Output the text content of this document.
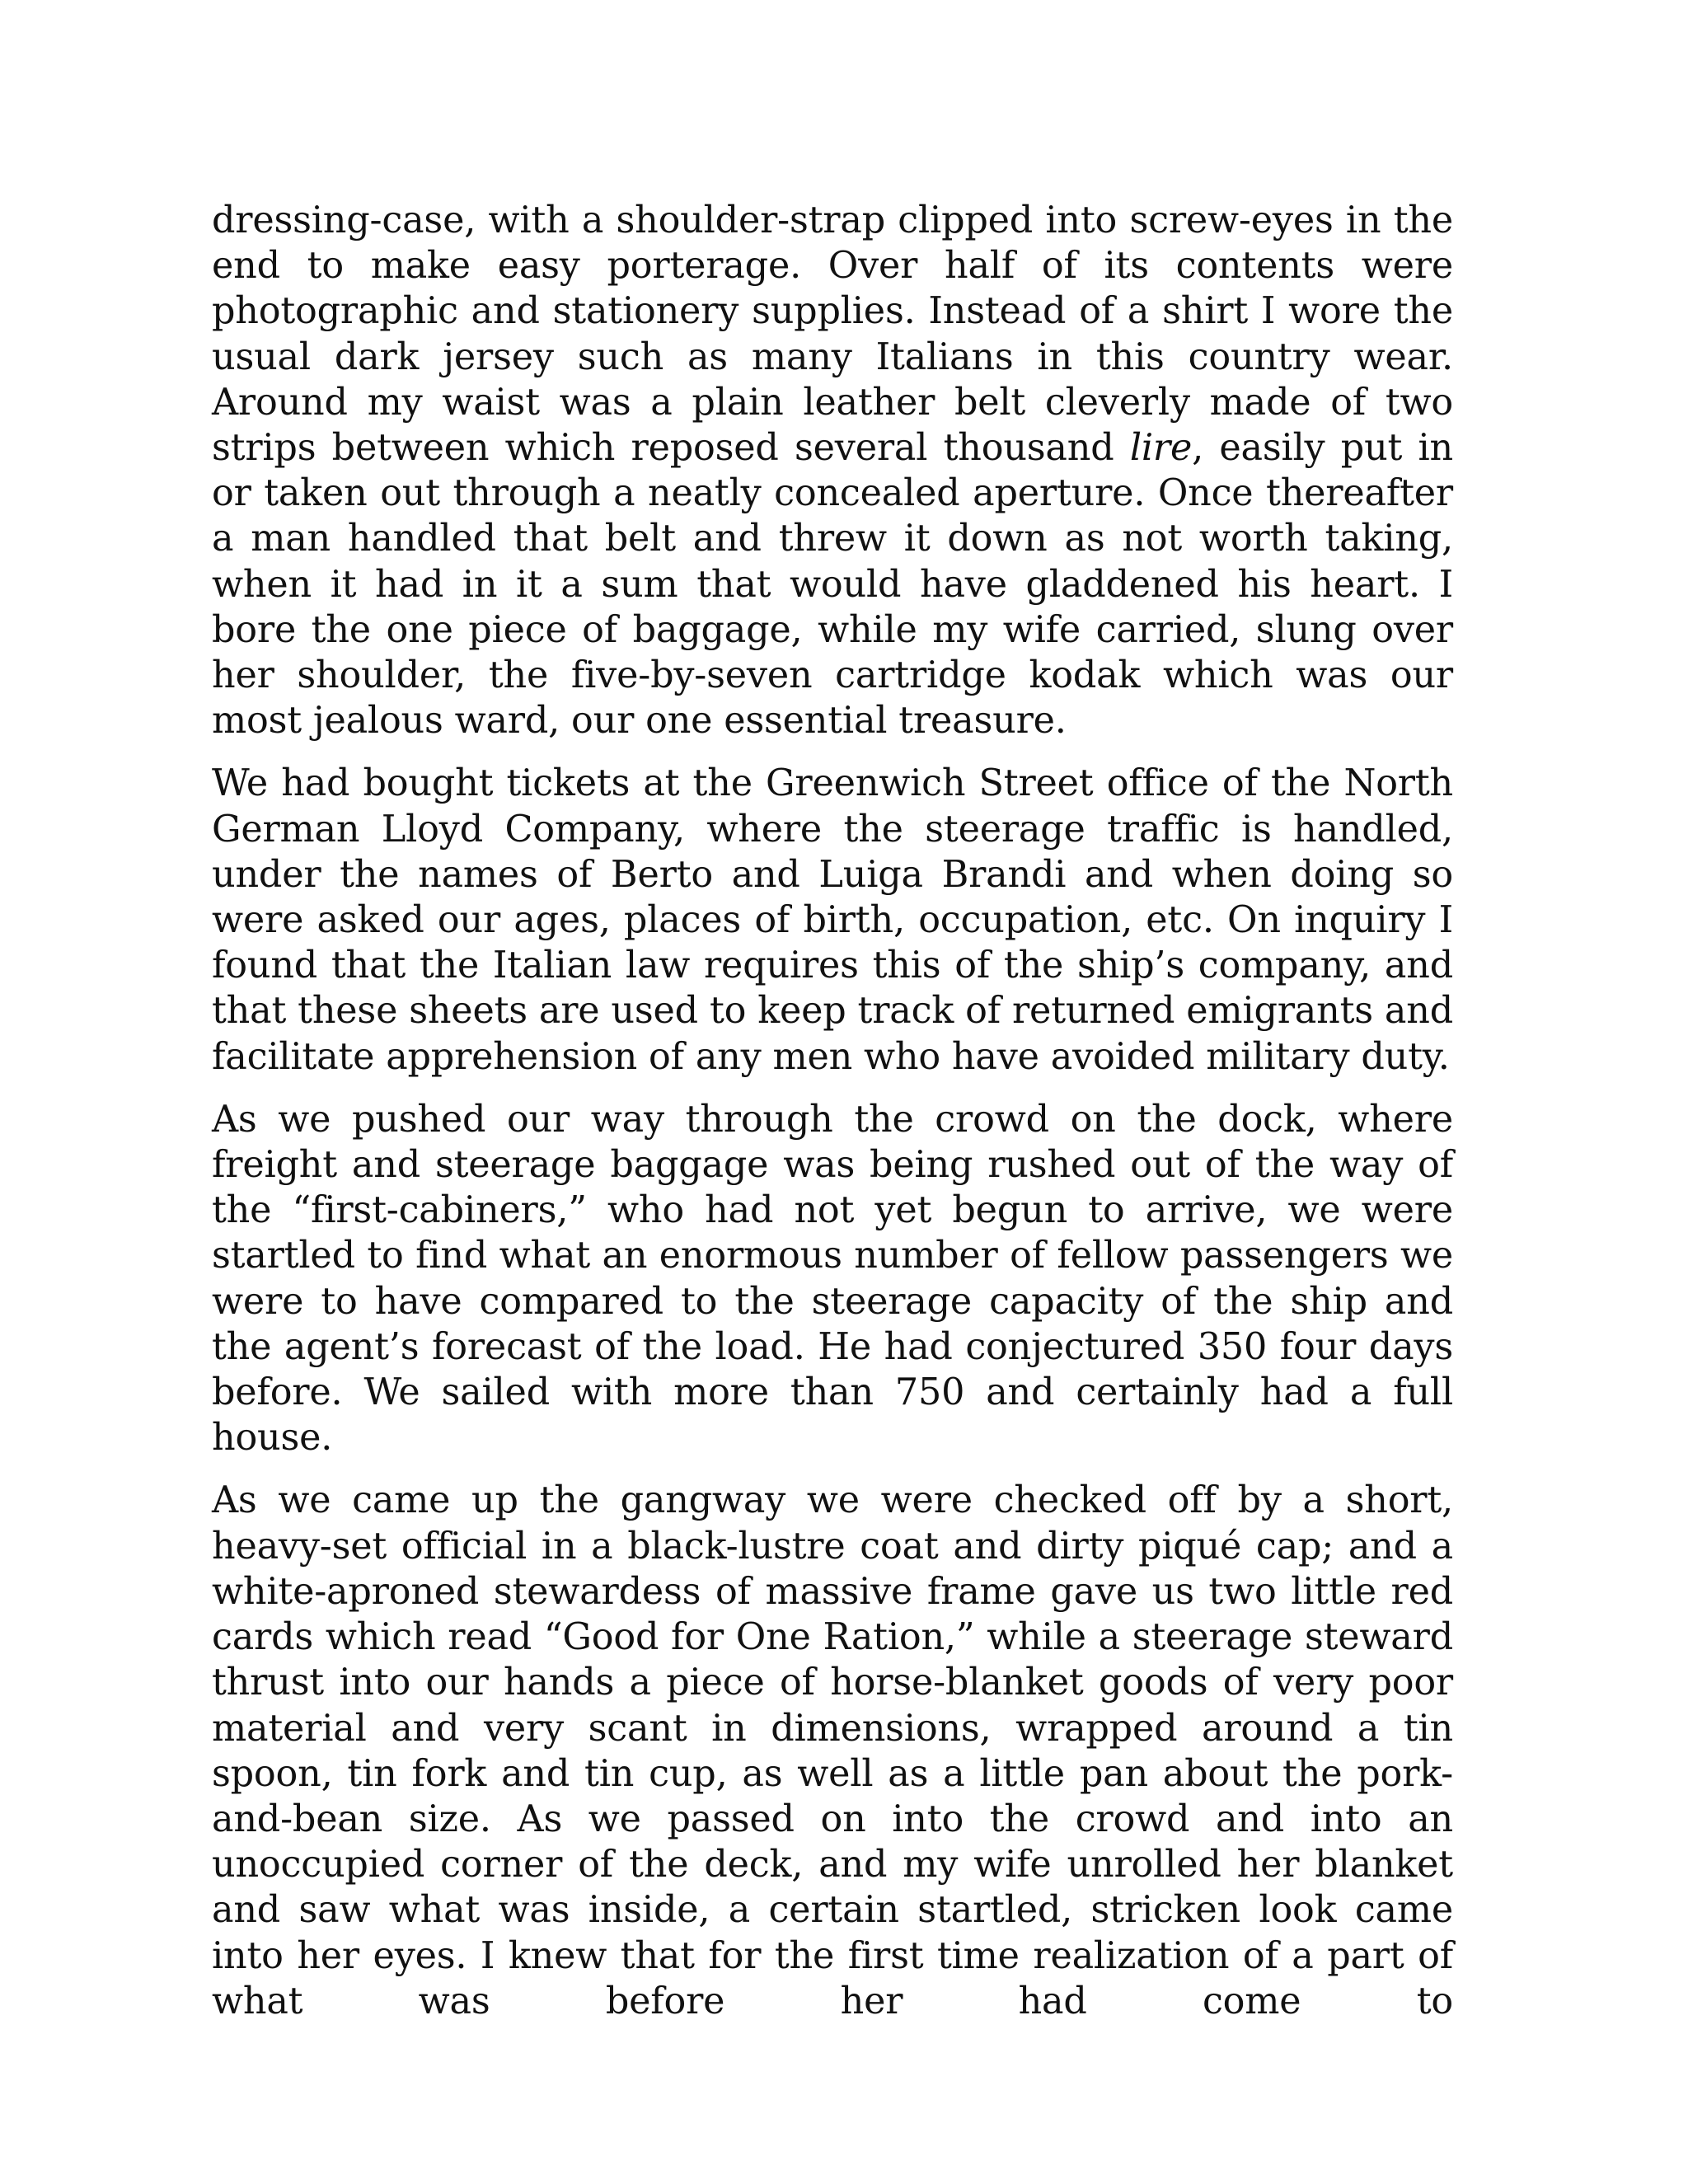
dressing-case, with a shoulder-strap clipped into screw-eyes in the end to make easy porterage. Over half of its contents were photographic and stationery supplies. Instead of a shirt I wore the usual dark jersey such as many Italians in this country wear. Around my waist was a plain leather belt cleverly made of two strips between which reposed several thousand lire, easily put in or taken out through a neatly concealed aperture. Once thereafter a man handled that belt and threw it down as not worth taking, when it had in it a sum that would have gladdened his heart. I bore the one piece of baggage, while my wife carried, slung over her shoulder, the five-by-seven cartridge kodak which was our most jealous ward, our one essential treasure.

We had bought tickets at the Greenwich Street office of the North German Lloyd Company, where the steerage traffic is handled, under the names of Berto and Luiga Brandi and when doing so were asked our ages, places of birth, occupation, etc. On inquiry I found that the Italian law requires this of the ship’s company, and that these sheets are used to keep track of returned emigrants and facilitate apprehension of any men who have avoided military duty.

As we pushed our way through the crowd on the dock, where freight and steerage baggage was being rushed out of the way of the “first-cabiners,” who had not yet begun to arrive, we were startled to find what an enormous number of fellow passengers we were to have compared to the steerage capacity of the ship and the agent’s forecast of the load. He had conjectured 350 four days before. We sailed with more than 750 and certainly had a full house.

As we came up the gangway we were checked off by a short, heavy-set official in a black-lustre coat and dirty piqué cap; and a white-aproned stewardess of massive frame gave us two little red cards which read “Good for One Ration,” while a steerage steward thrust into our hands a piece of horse-blanket goods of very poor material and very scant in dimensions, wrapped around a tin spoon, tin fork and tin cup, as well as a little pan about the pork-and-bean size. As we passed on into the crowd and into an unoccupied corner of the deck, and my wife unrolled her blanket and saw what was inside, a certain startled, stricken look came into her eyes. I knew that for the first time realization of a part of what was before her had come to
